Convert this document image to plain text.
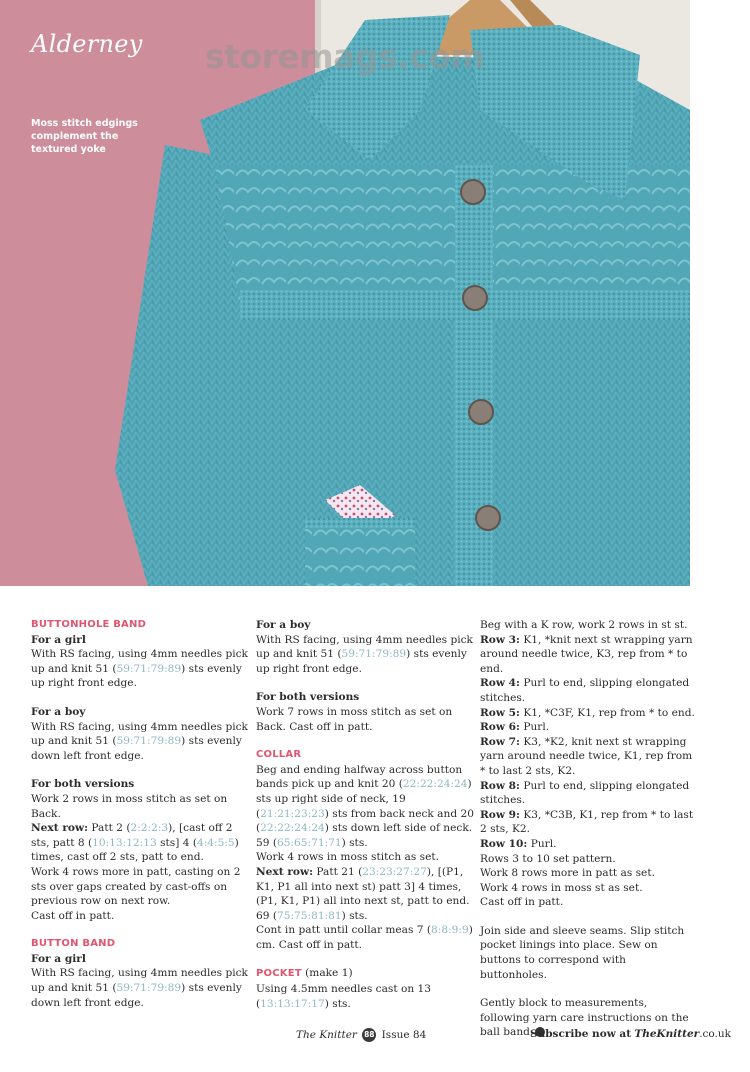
Alderney storemags.com
Moss stitch edgings complement the textured yoke

BUTTONHOLE BAND

For a girl

With RS facing, using 4mm needles pick up and knit 51 (59:71:79:89) sts evenly up right front edge.

For a boy

With RS facing, using 4mm needles pick up and knit 51 (59:71:79:89) sts evenly down left front edge.

For both versions

Work 2 rows in moss stitch as set on Back.

Next row: Patt 2 (2:2:2:3), [cast off 2 sts, patt 8 (10:13:12:13 sts] 4 (4:4:5:5) times, cast off 2 sts, patt to end.

Work 4 rows more in patt, casting on 2 sts over gaps created by cast-offs on previous row on next row.

Cast off in patt.

BUTTON BAND

For a girl

With RS facing, using 4mm needles pick up and knit 51 (59:71:79:89) sts evenly down left front edge.

For a boy

With RS facing, using 4mm needles pick up and knit 51 (59:71:79:89) sts evenly up right front edge.

For both versions

Work 7 rows in moss stitch as set on Back. Cast off in patt.

COLLAR

Beg and ending halfway across button bands pick up and knit 20 (22:22:24:24) sts up right side of neck, 19 (21:21:23:23) sts from back neck and 20 (22:22:24:24) sts down left side of neck. 59 (65:65:71:71) sts.

Work 4 rows in moss stitch as set.

Next row: Patt 21 (23:23:27:27), [(P1, K1, P1 all into next st) patt 3] 4 times, (P1, K1, P1) all into next st, patt to end.

69 (75:75:81:81) sts.

Cont in patt until collar meas 7 (8:8:9:9) cm. Cast off in patt.

POCKET (make 1)

Using 4.5mm needles cast on 13 (13:13:17:17) sts.

Beg with a K row, work 2 rows in st st.

Row 3: K1, *knit next st wrapping yarn around needle twice, K3, rep from * to end.

Row 4: Purl to end, slipping elongated stitches.

Row 5: K1, *C3F, K1, rep from * to end.

Row 6: Purl.

Row 7: K3, *K2, knit next st wrapping yarn around needle twice, K1, rep from * to last 2 sts, K2.

Row 8: Purl to end, slipping elongated stitches.

Row 9: K3, *C3B, K1, rep from * to last 2 sts, K2.

Row 10: Purl.

Rows 3 to 10 set pattern.

Work 8 rows more in patt as set.

Work 4 rows in moss st as set.

Cast off in patt.

Join side and sleeve seams. Slip stitch pocket linings into place. Sew on buttons to correspond with buttonholes.

Gently block to measurements, following yarn care instructions on the ball band.

The Knitter 88 Issue 84	Subscribe now at TheKnitter.co.uk
